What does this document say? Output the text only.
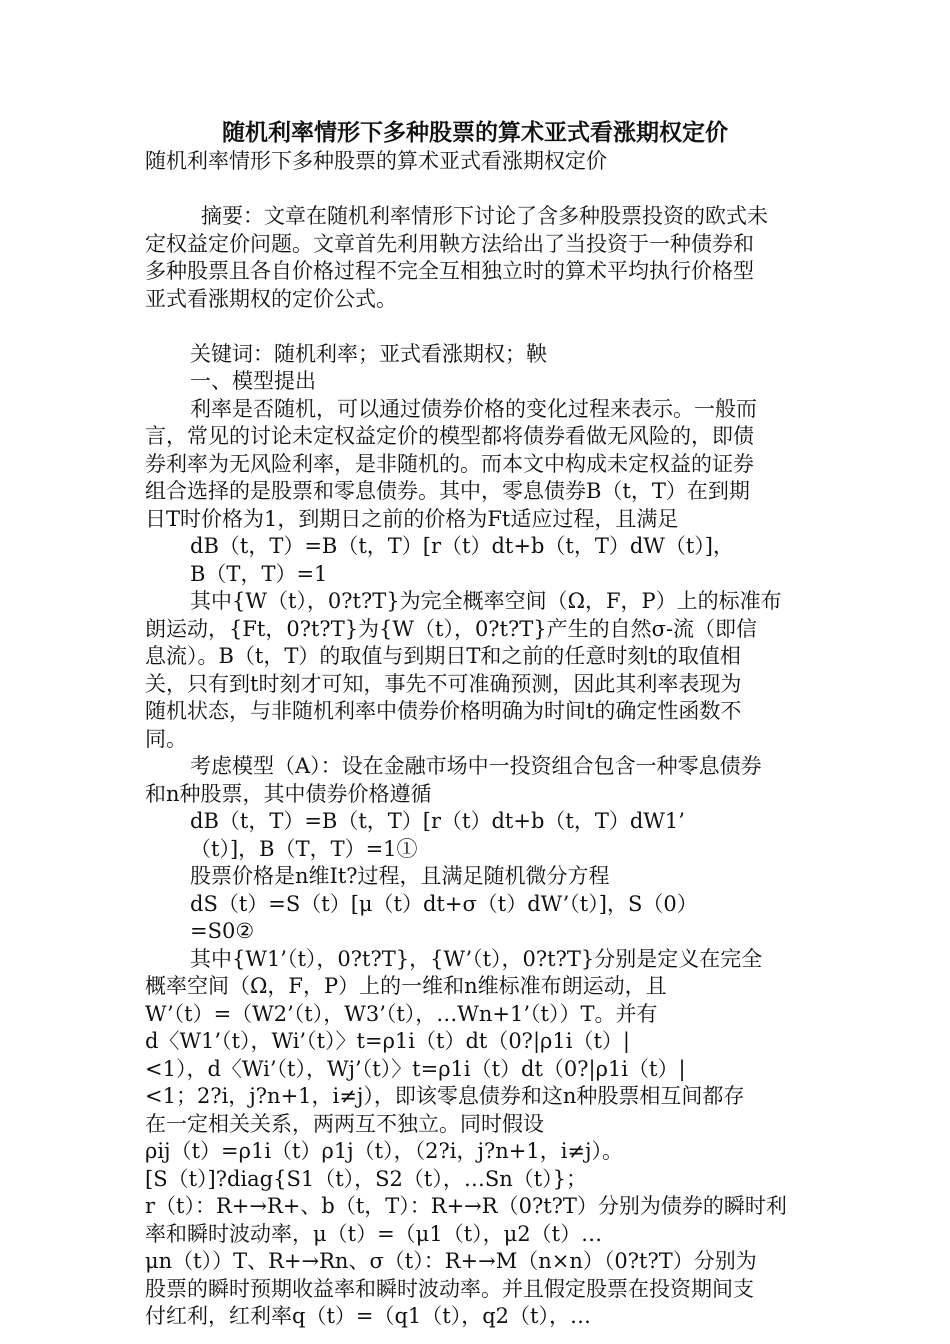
随机利率情形下多种股票的算术亚式看涨期权定价
随机利率情形下多种股票的算术亚式看涨期权定价
摘要：文章在随机利率情形下讨论了含多种股票投资的欧式未
定权益定价问题。文章首先利用鞅方法给出了当投资于一种债券和
多种股票且各自价格过程不完全互相独立时的算术平均执行价格型
亚式看涨期权的定价公式。
关键词：随机利率；亚式看涨期权；鞅
一、模型提出
利率是否随机，可以通过债券价格的变化过程来表示。一般而
言，常见的讨论未定权益定价的模型都将债券看做无风险的，即债
券利率为无风险利率，是非随机的。而本文中构成未定权益的证券
组合选择的是股票和零息债券。其中，零息债券B（t，T）在到期
日T时价格为1，到期日之前的价格为Ft适应过程，且满足
dB（t，T）=B（t，T）[r（t）dt+b（t，T）dW（t）]，
B（T，T）=1
其中{W（t），0?t?T}为完全概率空间（Ω，F，P）上的标准布
朗运动，{Ft，0?t?T}为{W（t），0?t?T}产生的自然σ-流（即信
息流）。B（t，T）的取值与到期日T和之前的任意时刻t的取值相
关，只有到t时刻才可知，事先不可准确预测，因此其利率表现为
随机状态，与非随机利率中债券价格明确为时间t的确定性函数不
同。
考虑模型（A）：设在金融市场中一投资组合包含一种零息债券
和n种股票，其中债券价格遵循
dB（t，T）=B（t，T）[r（t）dt+b（t，T）dW1’
（t）]，B（T，T）=1①
股票价格是n维It?过程，且满足随机微分方程
dS（t）=S（t）[μ（t）dt+σ（t）dW’（t）]，S（0）
=S0②
其中{W1’（t），0?t?T}，{W’（t），0?t?T}分别是定义在完全
概率空间（Ω，F，P）上的一维和n维标准布朗运动，且
W’（t）=（W2’（t），W3’（t），…Wn+1’（t））T。并有
d〈W1’（t），Wi’（t）〉t=ρ1i（t）dt（0?|ρ1i（t）|
<1），d〈Wi’（t），Wj’（t）〉t=ρ1i（t）dt（0?|ρ1i（t）|
<1；2?i，j?n+1，i≠j），即该零息债券和这n种股票相互间都存
在一定相关关系，两两互不独立。同时假设
ρij（t）=ρ1i（t）ρ1j（t），（2?i，j?n+1，i≠j）。
[S（t）]?diag{S1（t），S2（t），…Sn（t）}；
r（t）：R+→R+、b（t，T）：R+→R（0?t?T）分别为债券的瞬时利
率和瞬时波动率，μ（t）=（μ1（t），μ2（t）…
μn（t））T、R+→Rn、σ（t）：R+→M（n×n）（0?t?T）分别为
股票的瞬时预期收益率和瞬时波动率。并且假定股票在投资期间支
付红利，红利率q（t）=（q1（t），q2（t），…
